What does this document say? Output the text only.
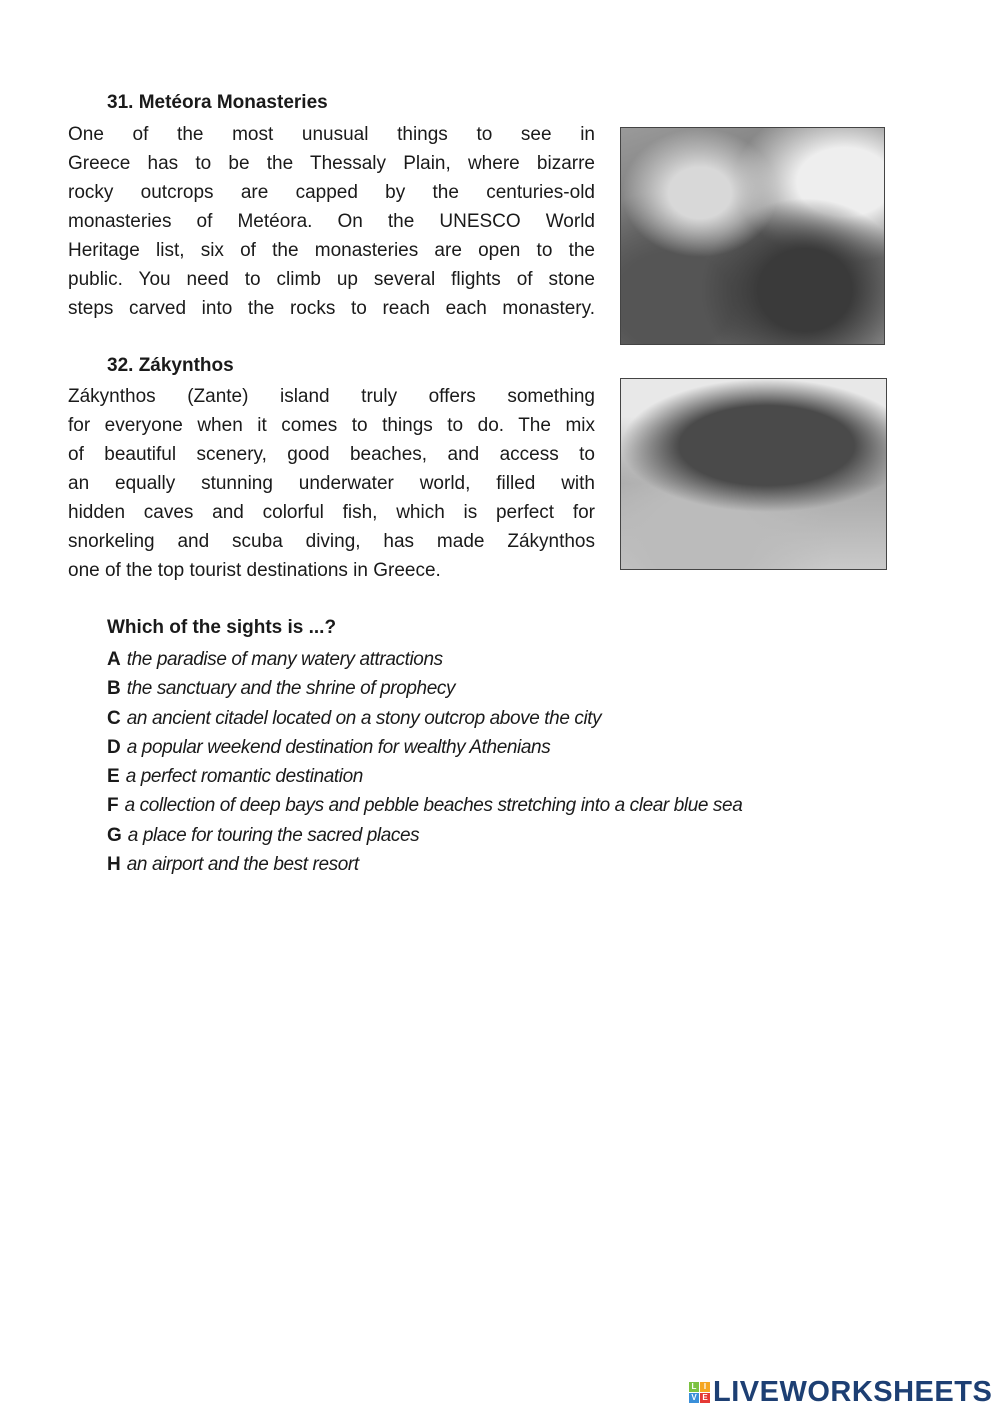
31. Metéora Monasteries
One of the most unusual things to see in
Greece has to be the Thessaly Plain, where bizarre
rocky outcrops are capped by the centuries-old
monasteries of Metéora. On the UNESCO World
Heritage list, six of the monasteries are open to the
public. You need to climb up several flights of stone
steps carved into the rocks to reach each monastery.
32. Zákynthos
Zákynthos (Zante) island truly offers something
for everyone when it comes to things to do. The mix
of beautiful scenery, good beaches, and access to
an equally stunning underwater world, filled with
hidden caves and colorful fish, which is perfect for
snorkeling and scuba diving, has made Zákynthos
one of the top tourist destinations in Greece.
Which of the sights is ...?
A the paradise of many watery attractions
B the sanctuary and the shrine of prophecy
C an ancient citadel located on a stony outcrop above the city
D a popular weekend destination for wealthy Athenians
E a perfect romantic destination
F a collection of deep bays and pebble beaches stretching into a clear blue sea
G a place for touring the sacred places
H an airport and the best resort
L I
V E LIVEWORKSHEETS
